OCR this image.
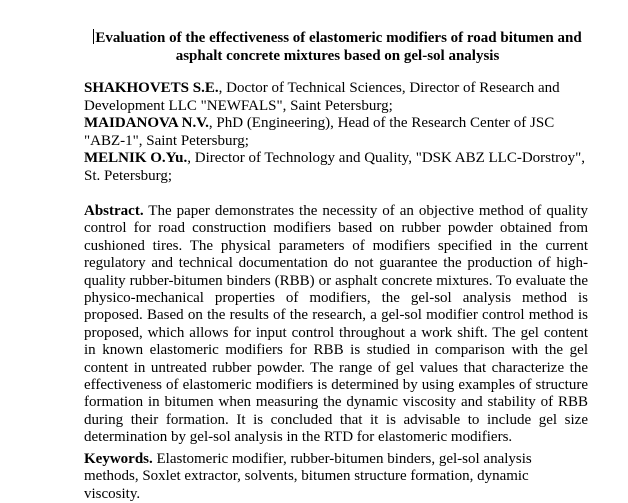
Evaluation of the effectiveness of elastomeric modifiers of road bitumen and asphalt concrete mixtures based on gel-sol analysis
SHAKHOVETS S.E., Doctor of Technical Sciences, Director of Research and Development LLC "NEWFALS", Saint Petersburg;
MAIDANOVA N.V., PhD (Engineering), Head of the Research Center of JSC "ABZ-1", Saint Petersburg;
MELNIK O.Yu., Director of Technology and Quality, "DSK ABZ LLC-Dorstroy", St. Petersburg;
Abstract. The paper demonstrates the necessity of an objective method of quality control for road construction modifiers based on rubber powder obtained from cushioned tires. The physical parameters of modifiers specified in the current regulatory and technical documentation do not guarantee the production of high-quality rubber-bitumen binders (RBB) or asphalt concrete mixtures. To evaluate the physico-mechanical properties of modifiers, the gel-sol analysis method is proposed. Based on the results of the research, a gel-sol modifier control method is proposed, which allows for input control throughout a work shift. The gel content in known elastomeric modifiers for RBB is studied in comparison with the gel content in untreated rubber powder. The range of gel values that characterize the effectiveness of elastomeric modifiers is determined by using examples of structure formation in bitumen when measuring the dynamic viscosity and stability of RBB during their formation. It is concluded that it is advisable to include gel size determination by gel-sol analysis in the RTD for elastomeric modifiers.
Keywords. Elastomeric modifier, rubber-bitumen binders, gel-sol analysis methods, Soxlet extractor, solvents, bitumen structure formation, dynamic viscosity.
